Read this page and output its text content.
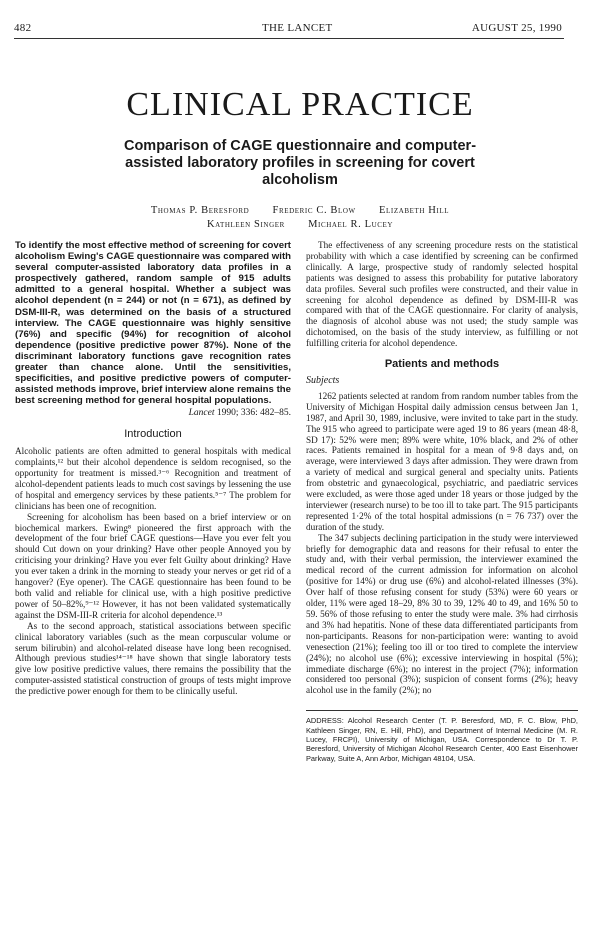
482	THE LANCET	AUGUST 25, 1990
CLINICAL PRACTICE
Comparison of CAGE questionnaire and computer-assisted laboratory profiles in screening for covert alcoholism
Thomas P. Beresford Frederic C. Blow Elizabeth Hill
Kathleen Singer Michael R. Lucey

To identify the most effective method of screening for covert alcoholism Ewing's CAGE questionnaire was compared with several computer-assisted laboratory data profiles in a prospectively gathered, random sample of 915 adults admitted to a general hospital. Whether a subject was alcohol dependent (n = 244) or not (n = 671), as defined by DSM-III-R, was determined on the basis of a structured interview. The CAGE questionnaire was highly sensitive (76%) and specific (94%) for recognition of alcohol dependence (positive predictive power 87%). None of the discriminant laboratory functions gave recognition rates greater than chance alone. Until the sensitivities, specificities, and positive predictive powers of computer-assisted methods improve, brief interview alone remains the best screening method for general hospital populations.

Lancet 1990; 336: 482–85.

Introduction

Alcoholic patients are often admitted to general hospitals with medical complaints,¹² but their alcohol dependence is seldom recognised, so the opportunity for treatment is missed.³⁻⁶ Recognition and treatment of alcohol-dependent patients leads to much cost savings by lessening the use of hospital and emergency services by these patients.⁵⁻⁷ The problem for clinicians has been one of recognition.

Screening for alcoholism has been based on a brief interview or on biochemical markers. Ewing⁸ pioneered the first approach with the development of the four brief CAGE questions—Have you ever felt you should Cut down on your drinking? Have other people Annoyed you by criticising your drinking? Have you ever felt Guilty about drinking? Have you ever taken a drink in the morning to steady your nerves or get rid of a hangover? (Eye opener). The CAGE questionnaire has been found to be both valid and reliable for clinical use, with a high positive predictive power of 50–82%,⁹⁻¹² However, it has not been validated systematically against the DSM-III-R criteria for alcohol dependence.¹³

As to the second approach, statistical associations between specific clinical laboratory variables (such as the mean corpuscular volume or serum bilirubin) and alcohol-related disease have long been recognised. Although previous studies¹⁴⁻¹⁸ have shown that single laboratory tests give low positive predictive values, there remains the possibility that the computer-assisted statistical construction of groups of tests might improve the predictive power enough for them to be clinically useful.

The effectiveness of any screening procedure rests on the statistical probability with which a case identified by screening can be confirmed clinically. A large, prospective study of randomly selected hospital patients was designed to assess this probability for putative laboratory data profiles. Several such profiles were constructed, and their value in screening for alcohol dependence as defined by DSM-III-R was compared with that of the CAGE questionnaire. For clarity of analysis, the diagnosis of alcohol abuse was not used; the study sample was dichotomised, on the basis of the study interview, as fulfilling or not fulfilling criteria for alcohol dependence.

Patients and methods
Subjects

1262 patients selected at random from random number tables from the University of Michigan Hospital daily admission census between Jan 1, 1987, and April 30, 1989, inclusive, were invited to take part in the study. The 915 who agreed to participate were aged 19 to 86 years (mean 48·8, SD 17): 52% were men; 89% were white, 10% black, and 2% of other races. Patients remained in hospital for a mean of 9·8 days and, on average, were interviewed 3 days after admission. They were drawn from a variety of medical and surgical general and specialty units. Patients from obstetric and gynaecological, psychiatric, and paediatric services were excluded, as were those aged under 18 years or those judged by the interviewer (research nurse) to be too ill to take part. The 915 participants represented 1·2% of the total hospital admissions (n = 76 737) over the duration of the study.

The 347 subjects declining participation in the study were interviewed briefly for demographic data and reasons for their refusal to enter the study and, with their verbal permission, the interviewer examined the medical record of the current admission for information on alcohol (positive for 14%) or drug use (6%) and alcohol-related illnesses (3%). Over half of those refusing consent for study (53%) were 60 years or older, 11% were aged 18–29, 8% 30 to 39, 12% 40 to 49, and 16% 50 to 59. 56% of those refusing to enter the study were male. 3% had cirrhosis and 3% had hepatitis. None of these data differentiated participants from non-participants. Reasons for non-participation were: wanting to avoid venesection (21%); feeling too ill or too tired to complete the interview (24%); no alcohol use (6%); excessive interviewing in hospital (5%); immediate discharge (6%); no interest in the project (7%); information considered too personal (3%); suspicion of consent forms (2%); heavy alcohol use in the family (2%); no

ADDRESS: Alcohol Research Center (T. P. Beresford, MD, F. C. Blow, PhD, Kathleen Singer, RN, E. Hill, PhD), and Department of Internal Medicine (M. R. Lucey, FRCPI), University of Michigan, USA. Correspondence to Dr T. P. Beresford, University of Michigan Alcohol Research Center, 400 East Eisenhower Parkway, Suite A, Ann Arbor, Michigan 48104, USA.
